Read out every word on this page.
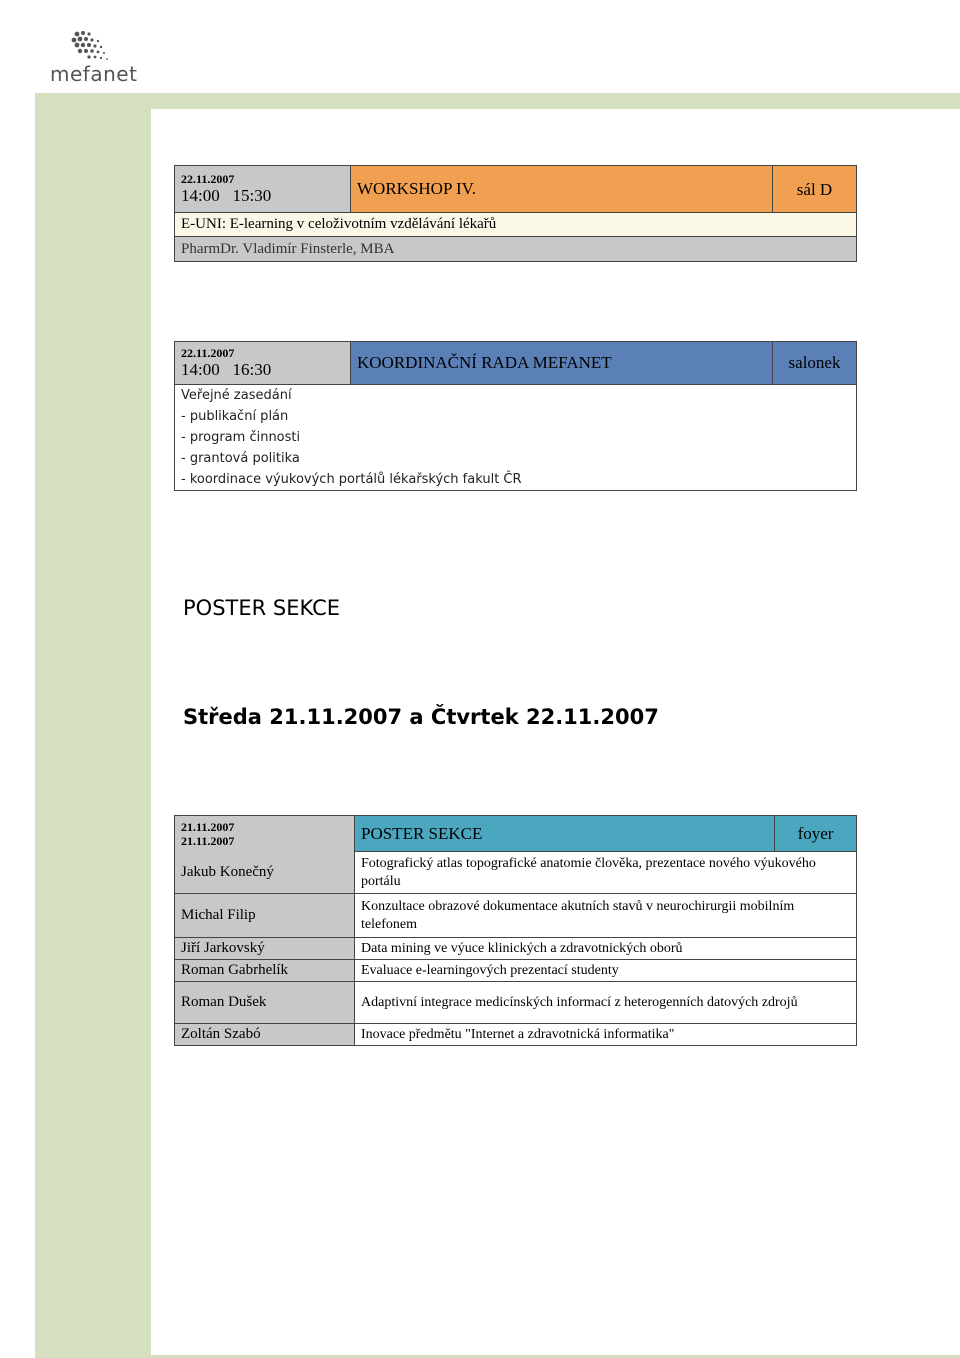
mefanet
22.11.2007
14:00   15:30	WORKSHOP IV.	sál D
E-UNI: E-learning v celoživotním vzdělávání lékařů
PharmDr. Vladimír Finsterle, MBA
22.11.2007
14:00   16:30	KOORDINAČNÍ RADA MEFANET	salonek

Veřejné zasedání
- publikační plán
- program činnosti
- grantová politika
- koordinace výukových portálů lékařských fakult ČR
POSTER SEKCE
Středa 21.11.2007 a Čtvrtek 22.11.2007
21.11.2007
21.11.2007	POSTER SEKCE	foyer
Jakub Konečný	Fotografický atlas topografické anatomie člověka, prezentace nového výukového portálu	
Michal Filip	Konzultace obrazové dokumentace akutních stavů v neurochirurgii mobilním telefonem	
Jiří Jarkovský	Data mining ve výuce klinických a zdravotnických oborů	
Roman Gabrhelík	Evaluace e-learningových prezentací studenty	
Roman Dušek	Adaptivní integrace medicínských informací z heterogenních datových zdrojů	
Zoltán Szabó	Inovace předmětu "Internet a zdravotnická informatika"	
